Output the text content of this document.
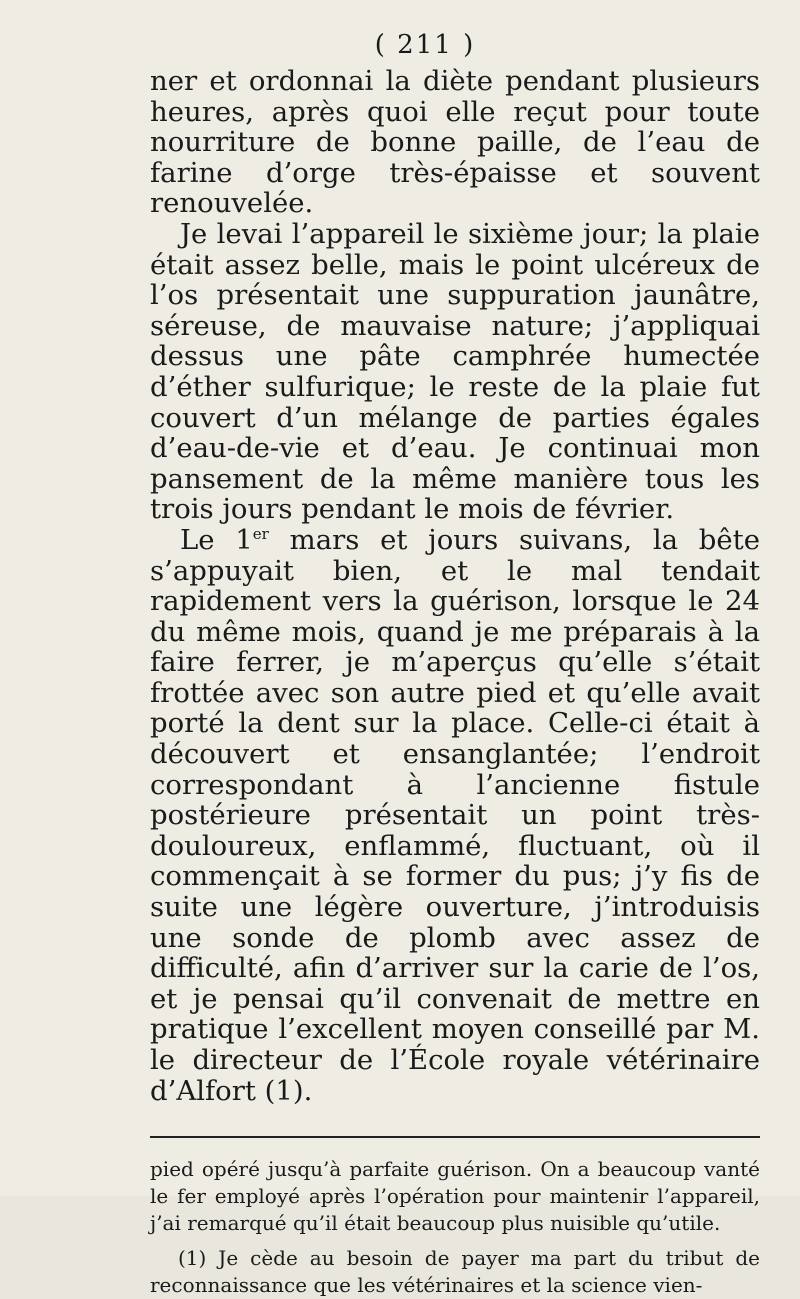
( 211 )

ner et ordonnai la diète pendant plusieurs heures, après quoi elle reçut pour toute nourriture de bonne paille, de l’eau de farine d’orge très-épaisse et souvent renouvelée.

Je levai l’appareil le sixième jour; la plaie était assez belle, mais le point ulcéreux de l’os présentait une suppuration jaunâtre, séreuse, de mauvaise nature; j’appliquai dessus une pâte camphrée humectée d’éther sulfurique; le reste de la plaie fut couvert d’un mélange de parties égales d’eau-de-vie et d’eau. Je continuai mon pansement de la même manière tous les trois jours pendant le mois de février.

Le 1er mars et jours suivans, la bête s’appuyait bien, et le mal tendait rapidement vers la guérison, lorsque le 24 du même mois, quand je me préparais à la faire ferrer, je m’aperçus qu’elle s’était frottée avec son autre pied et qu’elle avait porté la dent sur la place. Celle-ci était à découvert et ensanglantée; l’endroit correspondant à l’ancienne fistule postérieure présentait un point très-douloureux, enflammé, fluctuant, où il commençait à se former du pus; j’y fis de suite une légère ouverture, j’introduisis une sonde de plomb avec assez de difficulté, afin d’arriver sur la carie de l’os, et je pensai qu’il convenait de mettre en pratique l’excellent moyen conseillé par M. le directeur de l’École royale vétérinaire d’Alfort (1).

pied opéré jusqu’à parfaite guérison. On a beaucoup vanté le fer employé après l’opération pour maintenir l’appareil, j’ai remarqué qu’il était beaucoup plus nuisible qu’utile.

(1) Je cède au besoin de payer ma part du tribut de reconnaissance que les vétérinaires et la science vien-
